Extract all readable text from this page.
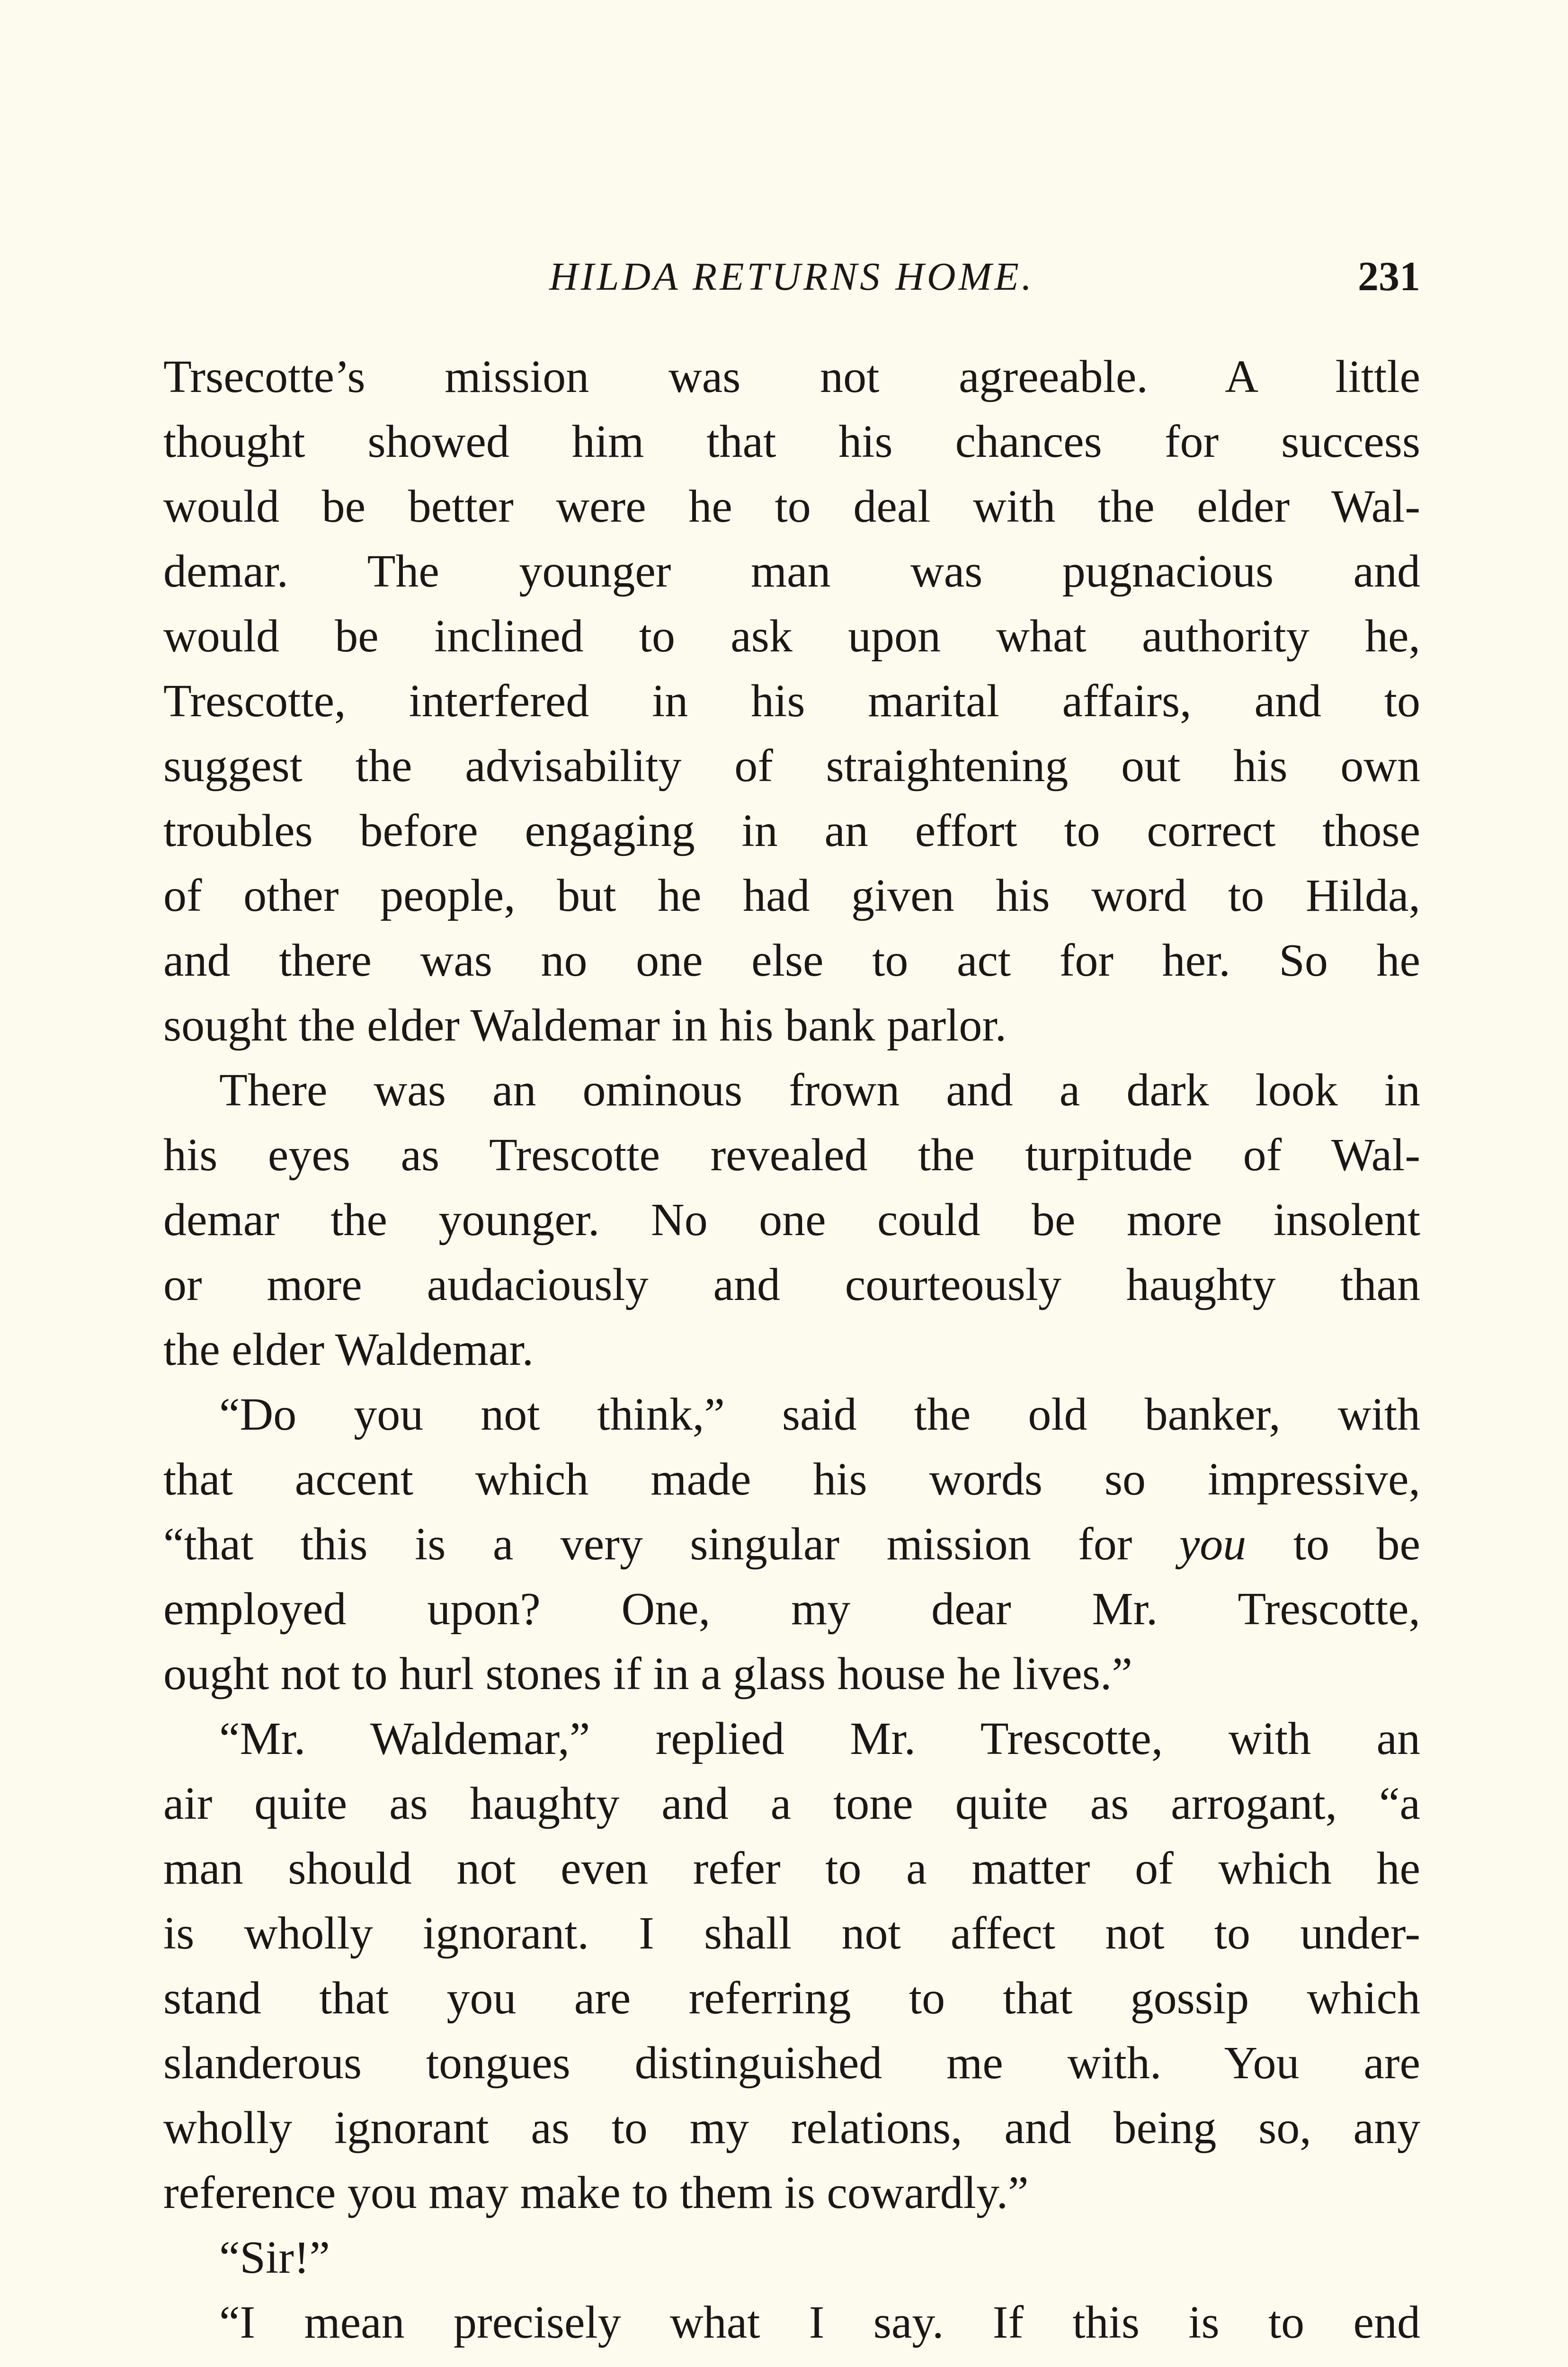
HILDA RETURNS HOME.	231
Trsecotte’s mission was not agreeable. A little
thought showed him that his chances for success
would be better were he to deal with the elder Wal-
demar. The younger man was pugnacious and
would be inclined to ask upon what authority he,
Trescotte, interfered in his marital affairs, and to
suggest the advisability of straightening out his own
troubles before engaging in an effort to correct those
of other people, but he had given his word to Hilda,
and there was no one else to act for her. So he
sought the elder Waldemar in his bank parlor.
There was an ominous frown and a dark look in
his eyes as Trescotte revealed the turpitude of Wal-
demar the younger. No one could be more insolent
or more audaciously and courteously haughty than
the elder Waldemar.
“Do you not think,” said the old banker, with
that accent which made his words so impressive,
“that this is a very singular mission for you to be
employed upon? One, my dear Mr. Trescotte,
ought not to hurl stones if in a glass house he lives.”
“Mr. Waldemar,” replied Mr. Trescotte, with an
air quite as haughty and a tone quite as arrogant, “a
man should not even refer to a matter of which he
is wholly ignorant. I shall not affect not to under-
stand that you are referring to that gossip which
slanderous tongues distinguished me with. You are
wholly ignorant as to my relations, and being so, any
reference you may make to them is cowardly.”
“Sir!”
“I mean precisely what I say. If this is to end
